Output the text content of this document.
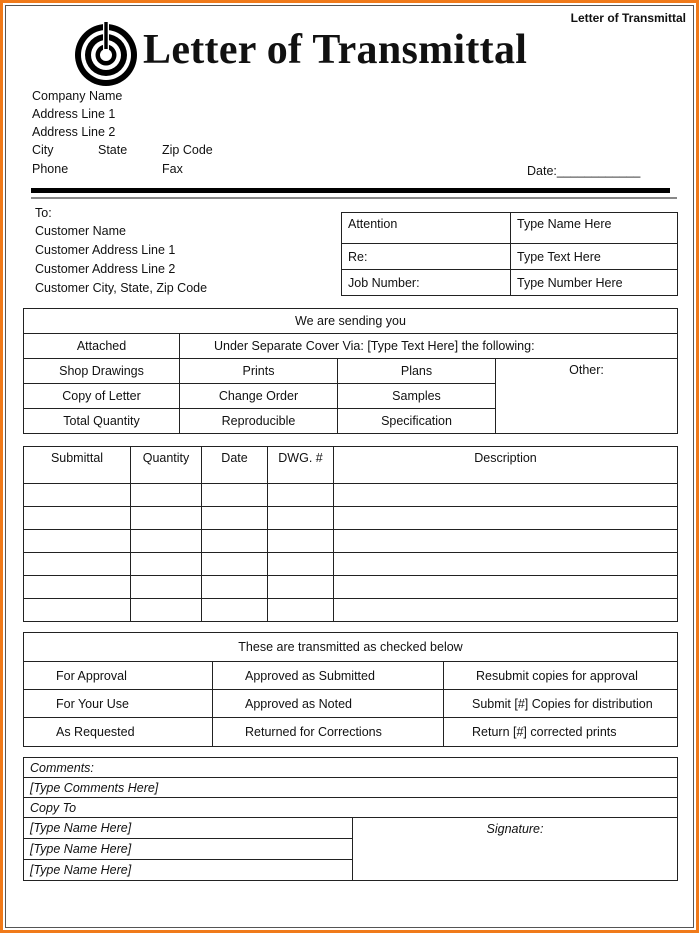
Letter of Transmittal
Letter of Transmittal
Company Name
Address Line 1
Address Line 2
City	State	Zip Code
Phone	Fax	Date:____________
To:
Customer Name
Customer Address Line 1
Customer Address Line 2
Customer City, State, Zip Code
Attention	Type Name Here
Re:	Type Text Here
Job Number:	Type Number Here
We are sending you			
Attached	Under Separate Cover Via: [Type Text Here] the following:		
Shop Drawings	Prints	Plans	Other:
Copy of Letter	Change Order	Samples	
Total Quantity	Reproducible	Specification	
Submittal	Quantity	Date	DWG. #	Description

These are transmitted as checked below		
For Approval	Approved as Submitted	Resubmit copies for approval
For Your Use	Approved as Noted	Submit [#] Copies for distribution
As Requested	Returned for Corrections	Return [#] corrected prints
Comments:
[Type Comments Here]
Copy To
[Type Name Here]	Signature:
[Type Name Here]
[Type Name Here]
